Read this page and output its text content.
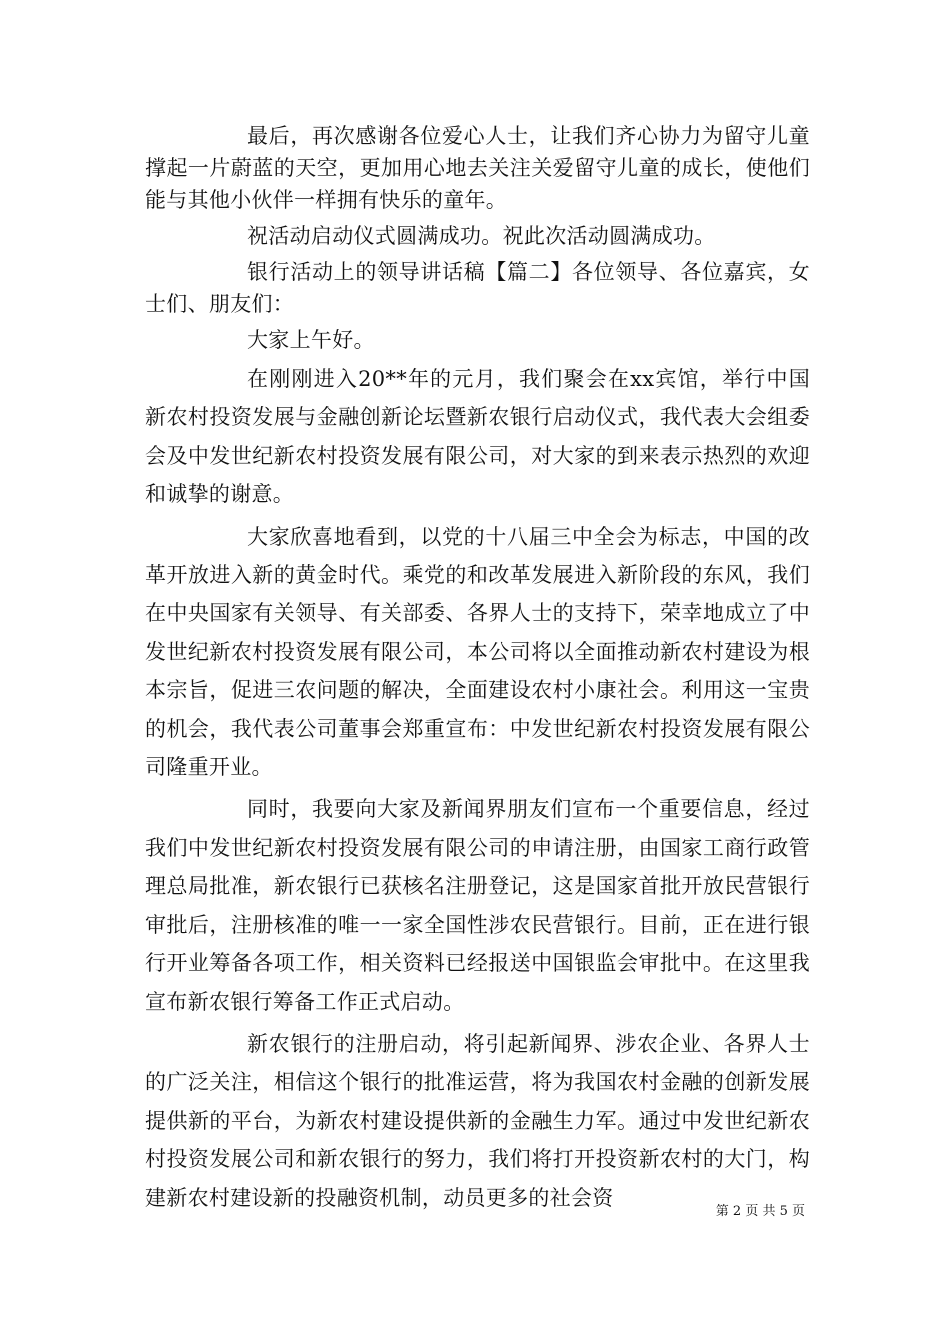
最后，再次感谢各位爱心人士，让我们齐心协力为留守儿童撑起一片蔚蓝的天空，更加用心地去关注关爱留守儿童的成长，使他们能与其他小伙伴一样拥有快乐的童年。

祝活动启动仪式圆满成功。祝此次活动圆满成功。

银行活动上的领导讲话稿【篇二】各位领导、各位嘉宾，女士们、朋友们：

大家上午好。

在刚刚进入20**年的元月，我们聚会在xx宾馆，举行中国新农村投资发展与金融创新论坛暨新农银行启动仪式，我代表大会组委会及中发世纪新农村投资发展有限公司，对大家的到来表示热烈的欢迎和诚挚的谢意。

大家欣喜地看到，以党的十八届三中全会为标志，中国的改革开放进入新的黄金时代。乘党的和改革发展进入新阶段的东风，我们在中央国家有关领导、有关部委、各界人士的支持下，荣幸地成立了中发世纪新农村投资发展有限公司，本公司将以全面推动新农村建设为根本宗旨，促进三农问题的解决，全面建设农村小康社会。利用这一宝贵的机会，我代表公司董事会郑重宣布：中发世纪新农村投资发展有限公司隆重开业。

同时，我要向大家及新闻界朋友们宣布一个重要信息，经过我们中发世纪新农村投资发展有限公司的申请注册，由国家工商行政管理总局批准，新农银行已获核名注册登记，这是国家首批开放民营银行审批后，注册核准的唯一一家全国性涉农民营银行。目前，正在进行银行开业筹备各项工作，相关资料已经报送中国银监会审批中。在这里我宣布新农银行筹备工作正式启动。

新农银行的注册启动，将引起新闻界、涉农企业、各界人士的广泛关注，相信这个银行的批准运营，将为我国农村金融的创新发展提供新的平台，为新农村建设提供新的金融生力军。通过中发世纪新农村投资发展公司和新农银行的努力，我们将打开投资新农村的大门，构建新农村建设新的投融资机制，动员更多的社会资

第 2 页 共 5 页
